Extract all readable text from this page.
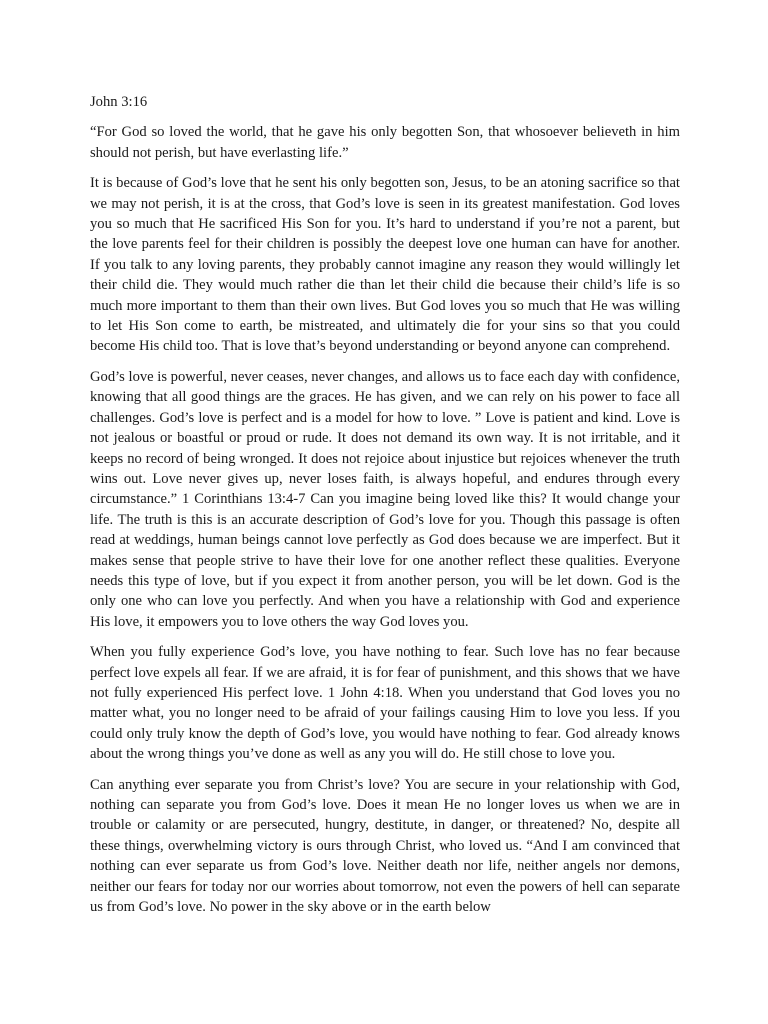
John 3:16

“For God so loved the world, that he gave his only begotten Son, that whosoever believeth in him should not perish, but have everlasting life.”

It is because of God’s love that he sent his only begotten son, Jesus, to be an atoning sacrifice so that we may not perish, it is at the cross, that God’s love is seen in its greatest manifestation. God loves you so much that He sacrificed His Son for you. It’s hard to understand if you’re not a parent, but the love parents feel for their children is possibly the deepest love one human can have for another. If you talk to any loving parents, they probably cannot imagine any reason they would willingly let their child die. They would much rather die than let their child die because their child’s life is so much more important to them than their own lives. But God loves you so much that He was willing to let His Son come to earth, be mistreated, and ultimately die for your sins so that you could become His child too. That is love that’s beyond understanding or beyond anyone can comprehend.

God’s love is powerful, never ceases, never changes, and allows us to face each day with confidence, knowing that all good things are the graces. He has given, and we can rely on his power to face all challenges. God’s love is perfect and is a model for how to love. ” Love is patient and kind. Love is not jealous or boastful or proud or rude. It does not demand its own way. It is not irritable, and it keeps no record of being wronged. It does not rejoice about injustice but rejoices whenever the truth wins out. Love never gives up, never loses faith, is always hopeful, and endures through every circumstance.” 1 Corinthians 13:4-7 Can you imagine being loved like this? It would change your life. The truth is this is an accurate description of God’s love for you. Though this passage is often read at weddings, human beings cannot love perfectly as God does because we are imperfect. But it makes sense that people strive to have their love for one another reflect these qualities. Everyone needs this type of love, but if you expect it from another person, you will be let down. God is the only one who can love you perfectly. And when you have a relationship with God and experience His love, it empowers you to love others the way God loves you.

When you fully experience God’s love, you have nothing to fear. Such love has no fear because perfect love expels all fear. If we are afraid, it is for fear of punishment, and this shows that we have not fully experienced His perfect love. 1 John 4:18. When you understand that God loves you no matter what, you no longer need to be afraid of your failings causing Him to love you less. If you could only truly know the depth of God’s love, you would have nothing to fear. God already knows about the wrong things you’ve done as well as any you will do. He still chose to love you.

Can anything ever separate you from Christ’s love? You are secure in your relationship with God, nothing can separate you from God’s love. Does it mean He no longer loves us when we are in trouble or calamity or are persecuted, hungry, destitute, in danger, or threatened? No, despite all these things, overwhelming victory is ours through Christ, who loved us. “And I am convinced that nothing can ever separate us from God’s love. Neither death nor life, neither angels nor demons, neither our fears for today nor our worries about tomorrow, not even the powers of hell can separate us from God’s love. No power in the sky above or in the earth below
